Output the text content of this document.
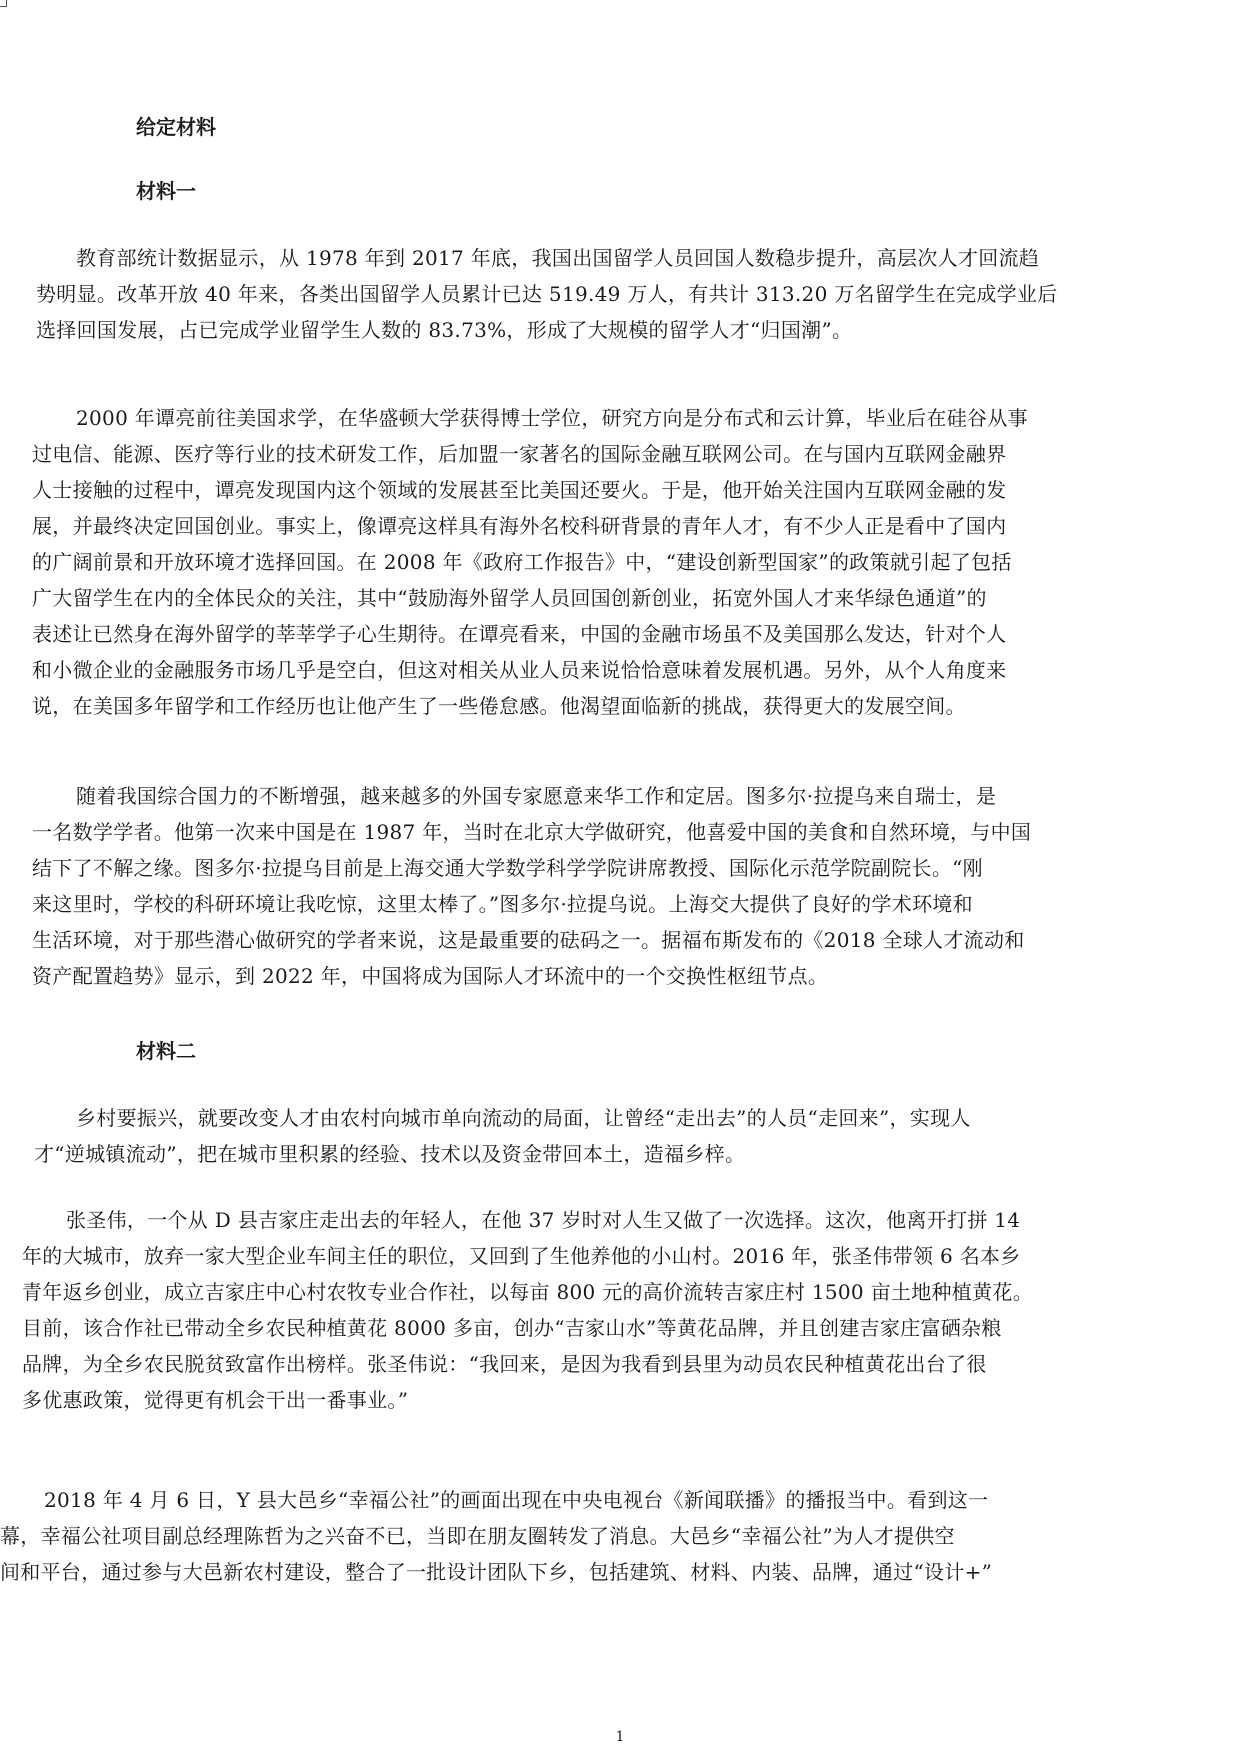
给定材料
材料一

教育部统计数据显示，从 1978 年到 2017 年底，我国出国留学人员回国人数稳步提升，高层次人才回流趋
势明显。改革开放 40 年来，各类出国留学人员累计已达 519.49 万人，有共计 313.20 万名留学生在完成学业后
选择回国发展，占已完成学业留学生人数的 83.73%，形成了大规模的留学人才“归国潮”。

2000 年谭亮前往美国求学，在华盛顿大学获得博士学位，研究方向是分布式和云计算，毕业后在硅谷从事
过电信、能源、医疗等行业的技术研发工作，后加盟一家著名的国际金融互联网公司。在与国内互联网金融界
人士接触的过程中，谭亮发现国内这个领域的发展甚至比美国还要火。于是，他开始关注国内互联网金融的发
展，并最终决定回国创业。事实上，像谭亮这样具有海外名校科研背景的青年人才，有不少人正是看中了国内
的广阔前景和开放环境才选择回国。在 2008 年《政府工作报告》中，“建设创新型国家”的政策就引起了包括
广大留学生在内的全体民众的关注，其中“鼓励海外留学人员回国创新创业，拓宽外国人才来华绿色通道”的
表述让已然身在海外留学的莘莘学子心生期待。在谭亮看来，中国的金融市场虽不及美国那么发达，针对个人
和小微企业的金融服务市场几乎是空白，但这对相关从业人员来说恰恰意味着发展机遇。另外，从个人角度来
说，在美国多年留学和工作经历也让他产生了一些倦怠感。他渴望面临新的挑战，获得更大的发展空间。

随着我国综合国力的不断增强，越来越多的外国专家愿意来华工作和定居。图多尔·拉提乌来自瑞士，是
一名数学学者。他第一次来中国是在 1987 年，当时在北京大学做研究，他喜爱中国的美食和自然环境，与中国
结下了不解之缘。图多尔·拉提乌目前是上海交通大学数学科学学院讲席教授、国际化示范学院副院长。“刚
来这里时，学校的科研环境让我吃惊，这里太棒了。”图多尔·拉提乌说。上海交大提供了良好的学术环境和
生活环境，对于那些潜心做研究的学者来说，这是最重要的砝码之一。据福布斯发布的《2018 全球人才流动和
资产配置趋势》显示，到 2022 年，中国将成为国际人才环流中的一个交换性枢纽节点。

材料二

乡村要振兴，就要改变人才由农村向城市单向流动的局面，让曾经“走出去”的人员“走回来”，实现人
才“逆城镇流动”，把在城市里积累的经验、技术以及资金带回本土，造福乡梓。

张圣伟，一个从 D 县吉家庄走出去的年轻人，在他 37 岁时对人生又做了一次选择。这次，他离开打拼 14
年的大城市，放弃一家大型企业车间主任的职位，又回到了生他养他的小山村。2016 年，张圣伟带领 6 名本乡
青年返乡创业，成立吉家庄中心村农牧专业合作社，以每亩 800 元的高价流转吉家庄村 1500 亩土地种植黄花。
目前，该合作社已带动全乡农民种植黄花 8000 多亩，创办“吉家山水”等黄花品牌，并且创建吉家庄富硒杂粮
品牌，为全乡农民脱贫致富作出榜样。张圣伟说：“我回来，是因为我看到县里为动员农民种植黄花出台了很
多优惠政策，觉得更有机会干出一番事业。”

2018 年 4 月 6 日，Y 县大邑乡“幸福公社”的画面出现在中央电视台《新闻联播》的播报当中。看到这一
幕，幸福公社项目副总经理陈哲为之兴奋不已，当即在朋友圈转发了消息。大邑乡“幸福公社”为人才提供空
间和平台，通过参与大邑新农村建设，整合了一批设计团队下乡，包括建筑、材料、内装、品牌，通过“设计+”

1
